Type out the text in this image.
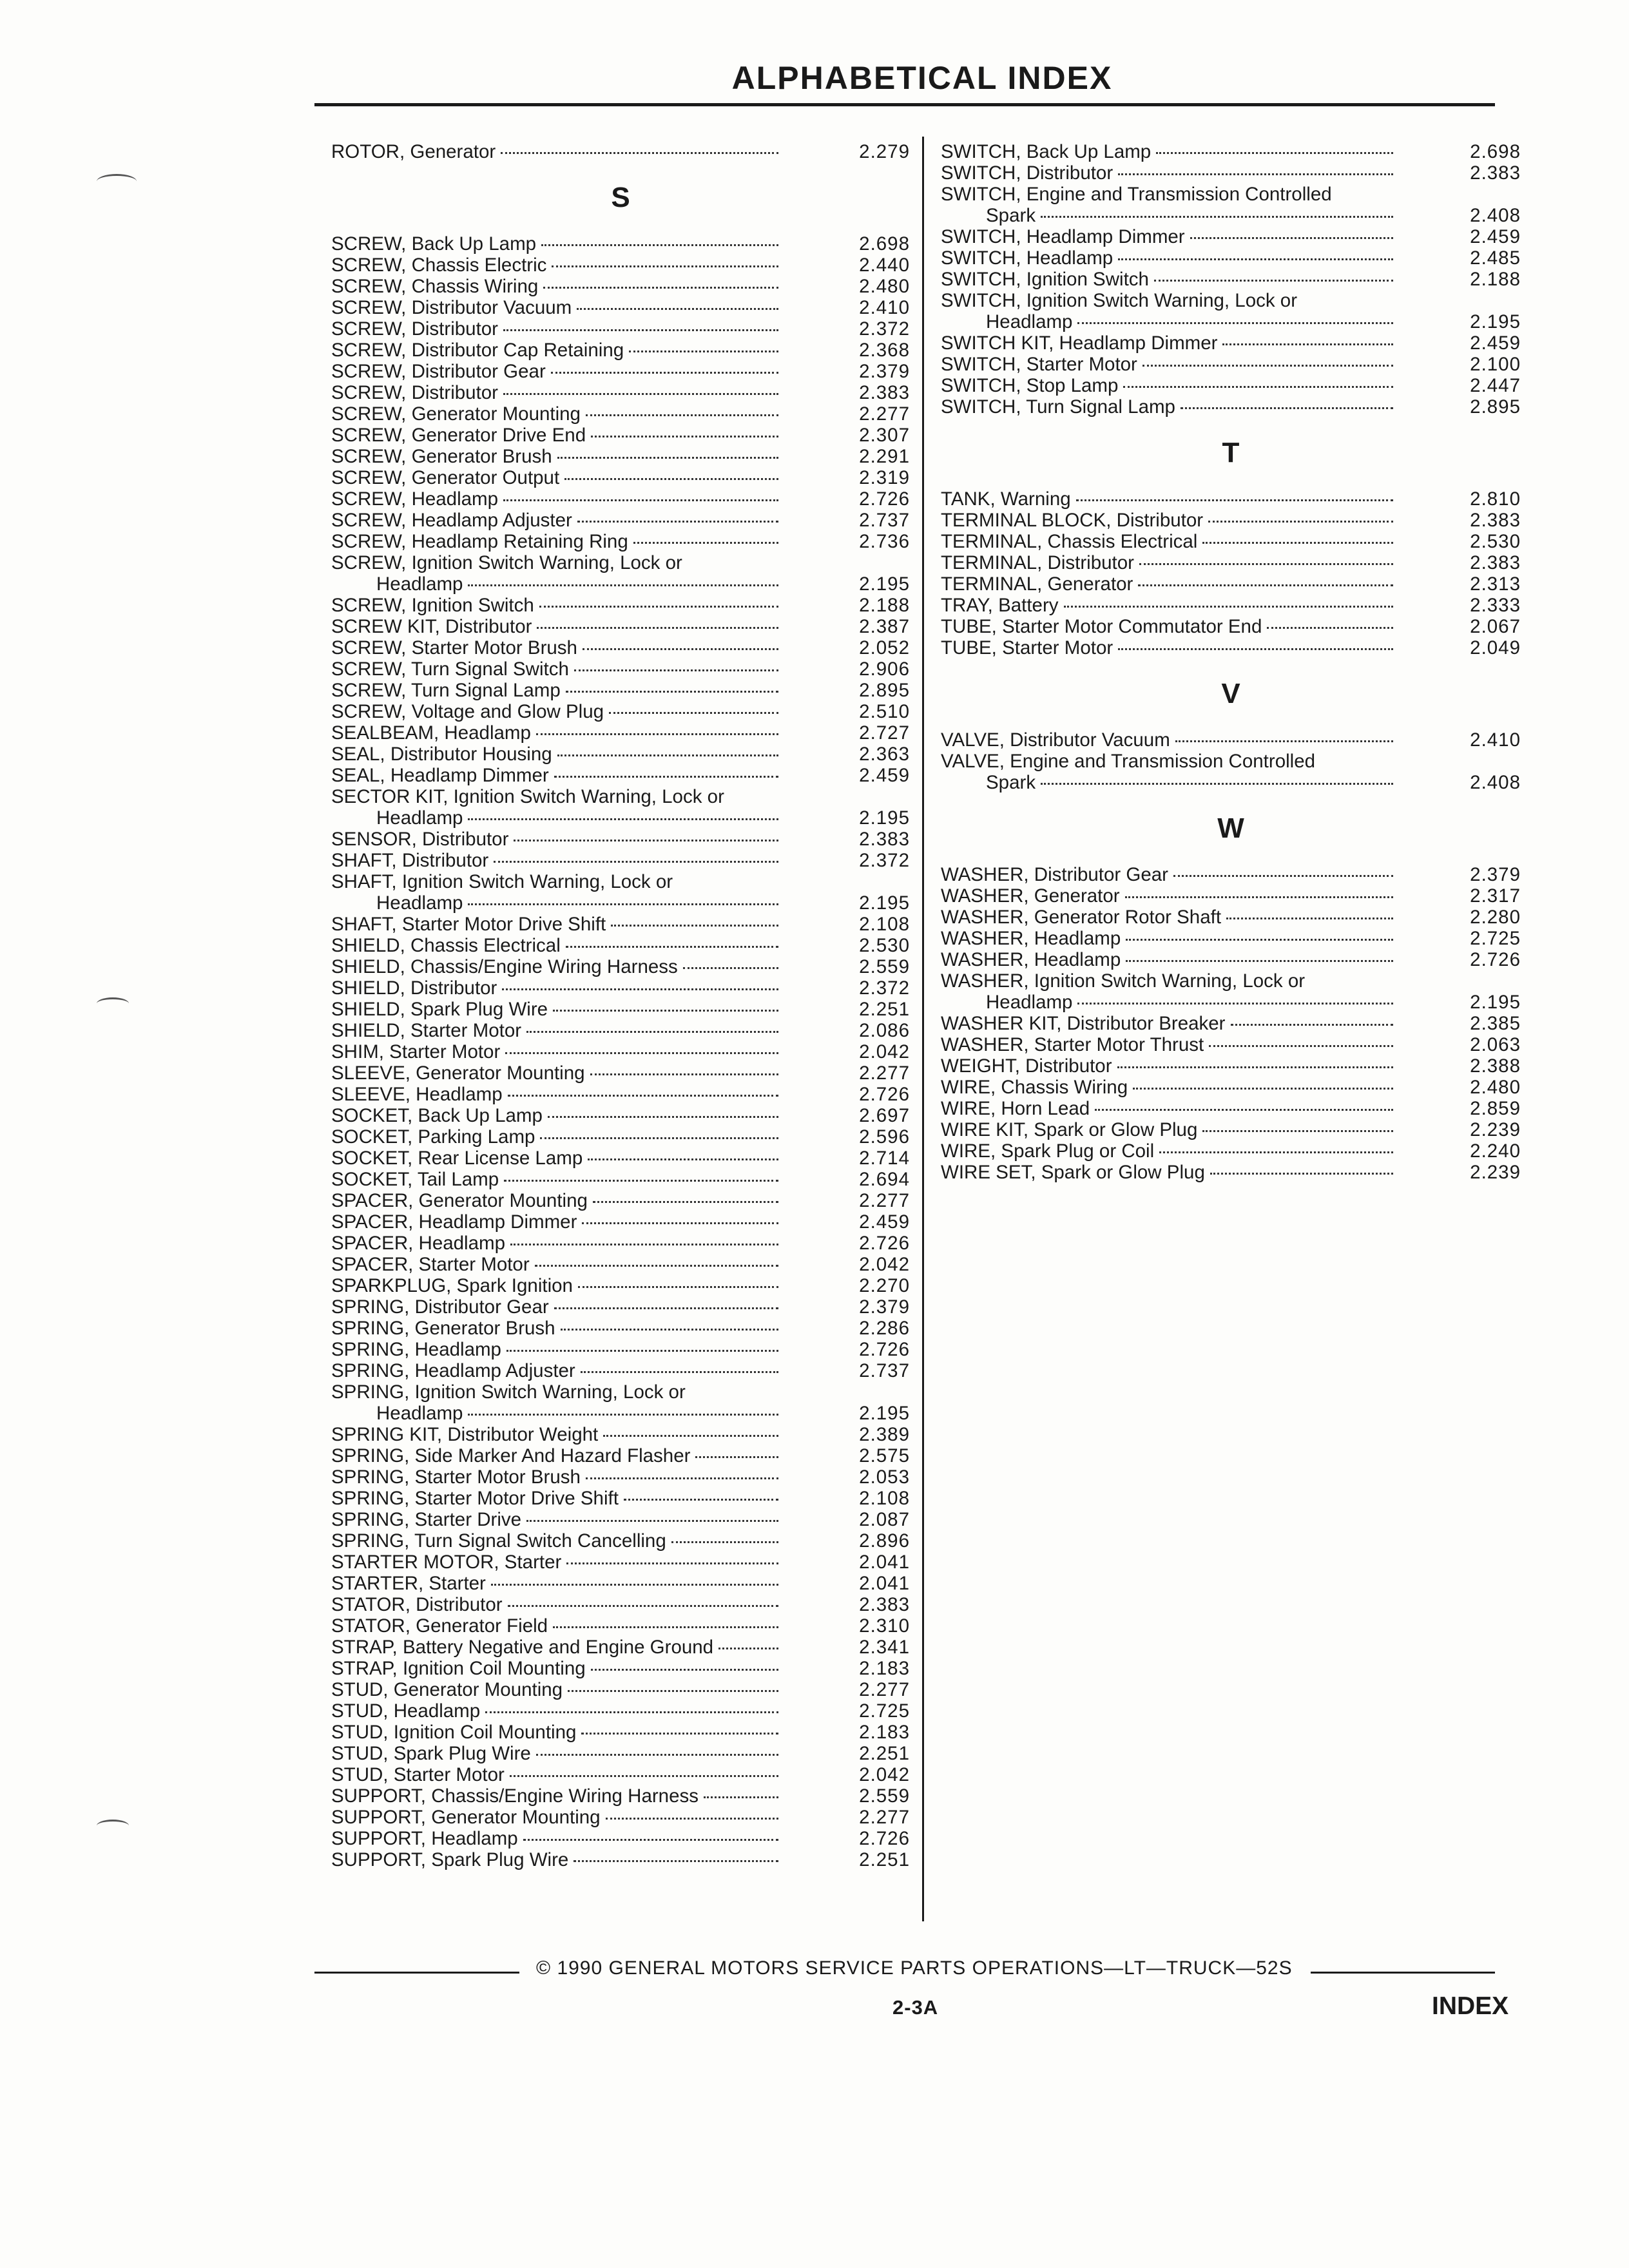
ALPHABETICAL INDEX
ROTOR, Generator	2.279
S
SCREW, Back Up Lamp	2.698
SCREW, Chassis Electric	2.440
SCREW, Chassis Wiring	2.480
SCREW, Distributor Vacuum	2.410
SCREW, Distributor	2.372
SCREW, Distributor Cap Retaining	2.368
SCREW, Distributor Gear	2.379
SCREW, Distributor	2.383
SCREW, Generator Mounting	2.277
SCREW, Generator Drive End	2.307
SCREW, Generator Brush	2.291
SCREW, Generator Output	2.319
SCREW, Headlamp	2.726
SCREW, Headlamp Adjuster	2.737
SCREW, Headlamp Retaining Ring	2.736
SCREW, Ignition Switch Warning, Lock or
Headlamp	2.195
SCREW, Ignition Switch	2.188
SCREW KIT, Distributor	2.387
SCREW, Starter Motor Brush	2.052
SCREW, Turn Signal Switch	2.906
SCREW, Turn Signal Lamp	2.895
SCREW, Voltage and Glow Plug	2.510
SEALBEAM, Headlamp	2.727
SEAL, Distributor Housing	2.363
SEAL, Headlamp Dimmer	2.459
SECTOR KIT, Ignition Switch Warning, Lock or
Headlamp	2.195
SENSOR, Distributor	2.383
SHAFT, Distributor	2.372
SHAFT, Ignition Switch Warning, Lock or
Headlamp	2.195
SHAFT, Starter Motor Drive Shift	2.108
SHIELD, Chassis Electrical	2.530
SHIELD, Chassis/Engine Wiring Harness	2.559
SHIELD, Distributor	2.372
SHIELD, Spark Plug Wire	2.251
SHIELD, Starter Motor	2.086
SHIM, Starter Motor	2.042
SLEEVE, Generator Mounting	2.277
SLEEVE, Headlamp	2.726
SOCKET, Back Up Lamp	2.697
SOCKET, Parking Lamp	2.596
SOCKET, Rear License Lamp	2.714
SOCKET, Tail Lamp	2.694
SPACER, Generator Mounting	2.277
SPACER, Headlamp Dimmer	2.459
SPACER, Headlamp	2.726
SPACER, Starter Motor	2.042
SPARKPLUG, Spark Ignition	2.270
SPRING, Distributor Gear	2.379
SPRING, Generator Brush	2.286
SPRING, Headlamp	2.726
SPRING, Headlamp Adjuster	2.737
SPRING, Ignition Switch Warning, Lock or
Headlamp	2.195
SPRING KIT, Distributor Weight	2.389
SPRING, Side Marker And Hazard Flasher	2.575
SPRING, Starter Motor Brush	2.053
SPRING, Starter Motor Drive Shift	2.108
SPRING, Starter Drive	2.087
SPRING, Turn Signal Switch Cancelling	2.896
STARTER MOTOR, Starter	2.041
STARTER, Starter	2.041
STATOR, Distributor	2.383
STATOR, Generator Field	2.310
STRAP, Battery Negative and Engine Ground	2.341
STRAP, Ignition Coil Mounting	2.183
STUD, Generator Mounting	2.277
STUD, Headlamp	2.725
STUD, Ignition Coil Mounting	2.183
STUD, Spark Plug Wire	2.251
STUD, Starter Motor	2.042
SUPPORT, Chassis/Engine Wiring Harness	2.559
SUPPORT, Generator Mounting	2.277
SUPPORT, Headlamp	2.726
SUPPORT, Spark Plug Wire	2.251
SWITCH, Back Up Lamp	2.698
SWITCH, Distributor	2.383
SWITCH, Engine and Transmission Controlled
Spark	2.408
SWITCH, Headlamp Dimmer	2.459
SWITCH, Headlamp	2.485
SWITCH, Ignition Switch	2.188
SWITCH, Ignition Switch Warning, Lock or
Headlamp	2.195
SWITCH KIT, Headlamp Dimmer	2.459
SWITCH, Starter Motor	2.100
SWITCH, Stop Lamp	2.447
SWITCH, Turn Signal Lamp	2.895
T
TANK, Warning	2.810
TERMINAL BLOCK, Distributor	2.383
TERMINAL, Chassis Electrical	2.530
TERMINAL, Distributor	2.383
TERMINAL, Generator	2.313
TRAY, Battery	2.333
TUBE, Starter Motor Commutator End	2.067
TUBE, Starter Motor	2.049
V
VALVE, Distributor Vacuum	2.410
VALVE, Engine and Transmission Controlled
Spark	2.408
W
WASHER, Distributor Gear	2.379
WASHER, Generator	2.317
WASHER, Generator Rotor Shaft	2.280
WASHER, Headlamp	2.725
WASHER, Headlamp	2.726
WASHER, Ignition Switch Warning, Lock or
Headlamp	2.195
WASHER KIT, Distributor Breaker	2.385
WASHER, Starter Motor Thrust	2.063
WEIGHT, Distributor	2.388
WIRE, Chassis Wiring	2.480
WIRE, Horn Lead	2.859
WIRE KIT, Spark or Glow Plug	2.239
WIRE, Spark Plug or Coil	2.240
WIRE SET, Spark or Glow Plug	2.239
© 1990 GENERAL MOTORS SERVICE PARTS OPERATIONS—LT—TRUCK—52S
2-3A	INDEX
